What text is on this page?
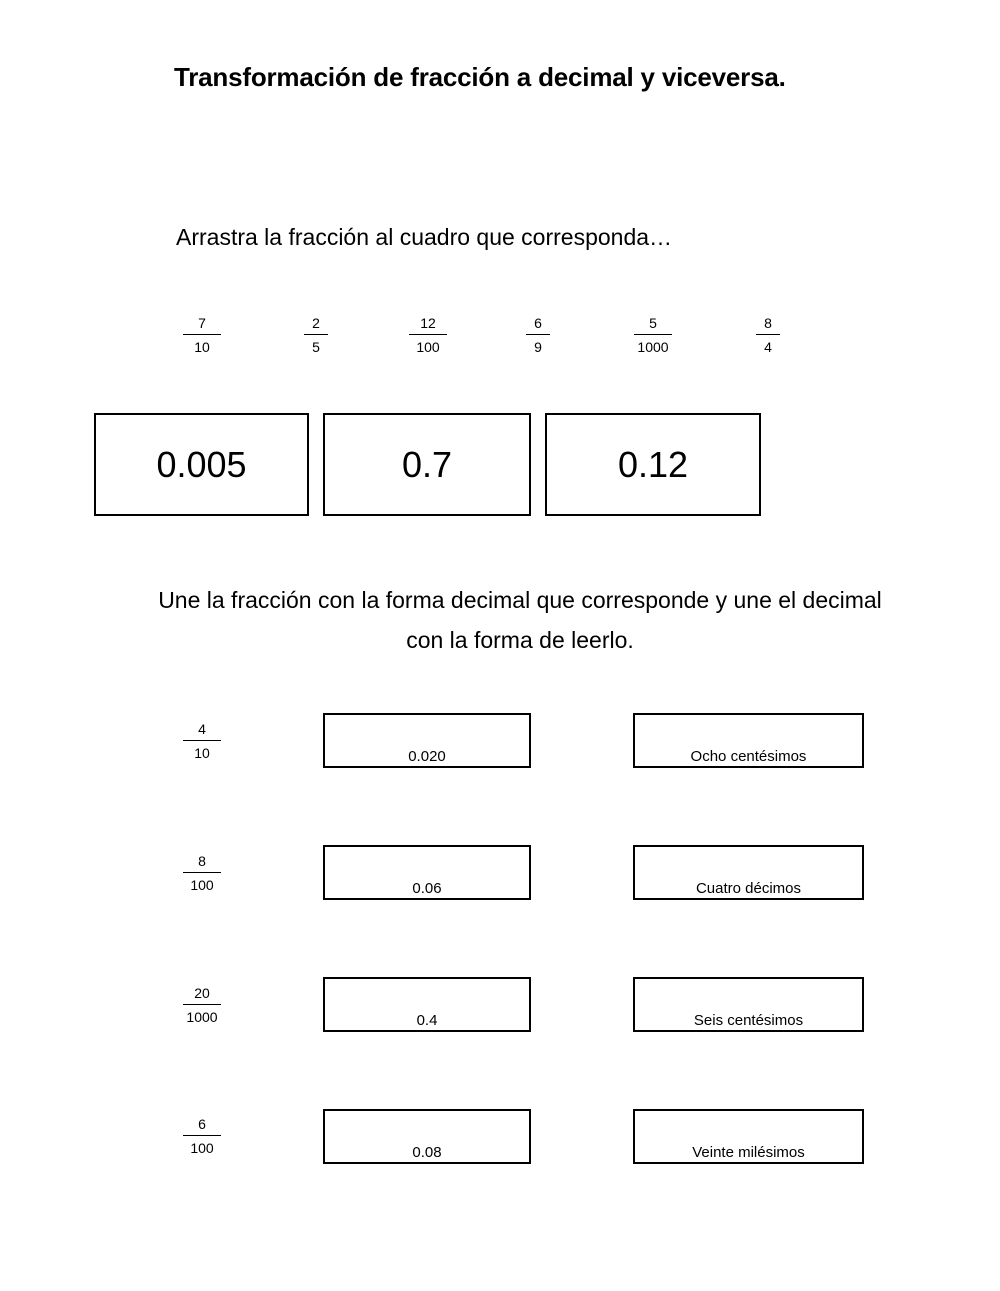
Transformación de fracción a decimal y viceversa.
Arrastra la fracción al cuadro que corresponda…
$\frac{7}{10}$	$\frac{2}{5}$	$\frac{12}{100}$	$\frac{6}{9}$	$\frac{5}{1000}$	$\frac{8}{4}$
0.005	0.7	0.12
Une la fracción con la forma decimal que corresponde y une el decimal con la forma de leerlo.
$\frac{4}{10}$	0.020	Ocho centésimos
$\frac{8}{100}$	0.06	Cuatro décimos
$\frac{20}{1000}$	0.4	Seis centésimos
$\frac{6}{100}$	0.08	Veinte milésimos
